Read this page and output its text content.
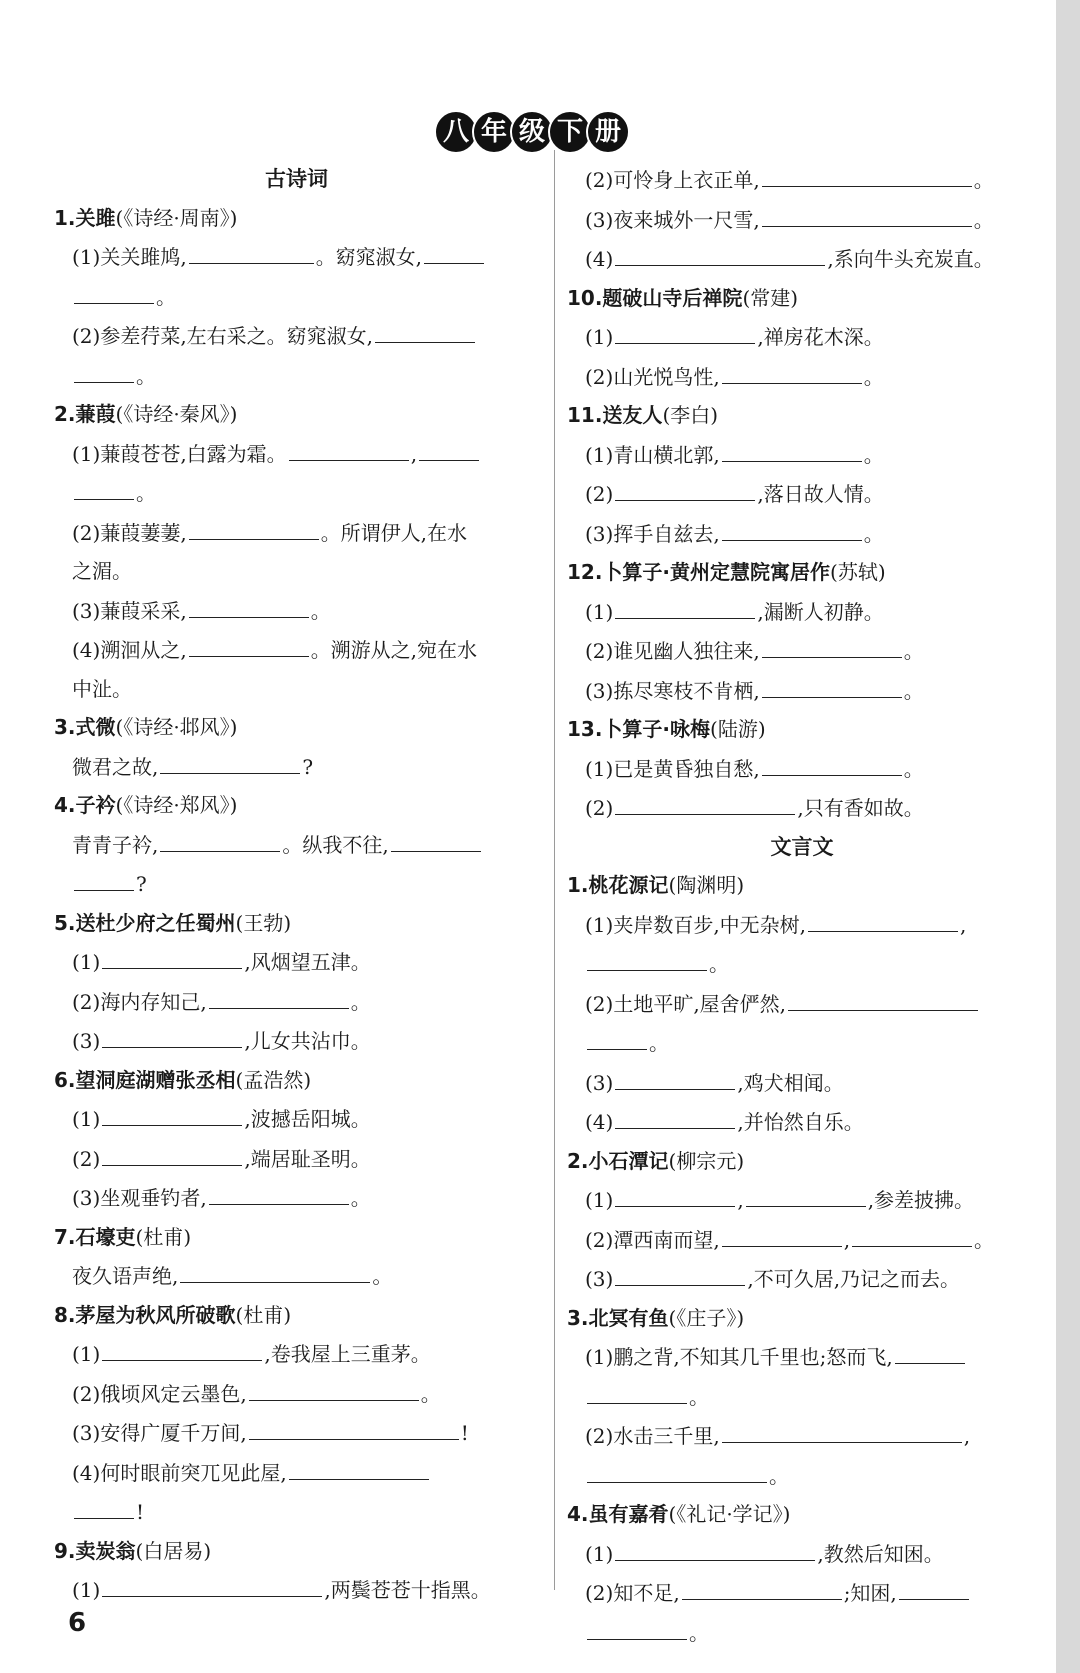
八 年 级 下 册
古诗词
1.关雎(《诗经·周南》)
(1)关关雎鸠,	。窈窕淑女,
。
(2)参差荇菜,左右采之。窈窕淑女,
。
2.蒹葭(《诗经·秦风》)
(1)蒹葭苍苍,白露为霜。	,
。
(2)蒹葭萋萋,	。所谓伊人,在水
之湄。
(3)蒹葭采采,	。
(4)溯洄从之,	。溯游从之,宛在水
中沚。
3.式微(《诗经·邶风》)
微君之故,	?
4.子衿(《诗经·郑风》)
青青子衿,	。纵我不往,
?
5.送杜少府之任蜀州(王勃)
(1)	,风烟望五津。
(2)海内存知己,	。
(3)	,儿女共沾巾。
6.望洞庭湖赠张丞相(孟浩然)
(1)	,波撼岳阳城。
(2)	,端居耻圣明。
(3)坐观垂钓者,	。
7.石壕吏(杜甫)
夜久语声绝,	。
8.茅屋为秋风所破歌(杜甫)
(1)	,卷我屋上三重茅。
(2)俄顷风定云墨色,	。
(3)安得广厦千万间,	!
(4)何时眼前突兀见此屋,
!
9.卖炭翁(白居易)
(1)	,两鬓苍苍十指黑。
(2)可怜身上衣正单,	。
(3)夜来城外一尺雪,	。
(4)	,系向牛头充炭直。
10.题破山寺后禅院(常建)
(1)	,禅房花木深。
(2)山光悦鸟性,	。
11.送友人(李白)
(1)青山横北郭,	。
(2)	,落日故人情。
(3)挥手自兹去,	。
12.卜算子·黄州定慧院寓居作(苏轼)
(1)	,漏断人初静。
(2)谁见幽人独往来,	。
(3)拣尽寒枝不肯栖,	。
13.卜算子·咏梅(陆游)
(1)已是黄昏独自愁,	。
(2)	,只有香如故。
文言文
1.桃花源记(陶渊明)
(1)夹岸数百步,中无杂树,	,
。
(2)土地平旷,屋舍俨然,
。
(3)	,鸡犬相闻。
(4)	,并怡然自乐。
2.小石潭记(柳宗元)
(1)	,	,参差披拂。
(2)潭西南而望,	,	。
(3)	,不可久居,乃记之而去。
3.北冥有鱼(《庄子》)
(1)鹏之背,不知其几千里也;怒而飞,
。
(2)水击三千里,	,
。
4.虽有嘉肴(《礼记·学记》)
(1)	,教然后知困。
(2)知不足,	;知困,
。
6
